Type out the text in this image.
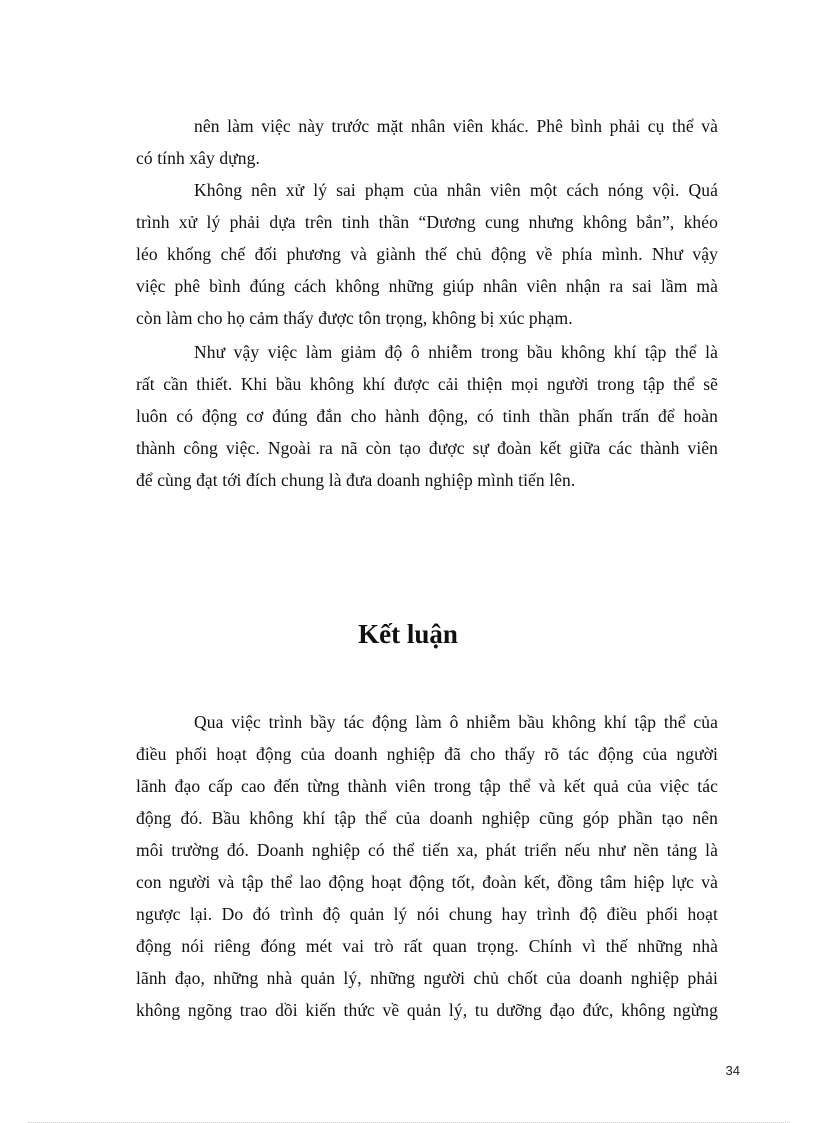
nên làm việc này trước mặt nhân viên khác. Phê bình phải cụ thể và
có tính xây dựng.
Không nên xử lý sai phạm của nhân viên một cách nóng vội. Quá
trình xử lý phải dựa trên tinh thần “Dương cung nhưng không bắn”, khéo
léo khống chế đối phương và giành thế chủ động về phía mình. Như vậy
việc phê bình đúng cách không những giúp nhân viên nhận ra sai lầm mà
còn làm cho họ cảm thấy được tôn trọng, không bị xúc phạm.
Như vậy việc làm giảm độ ô nhiễm trong bầu không khí tập thể là
rất cần thiết. Khi bầu không khí được cải thiện mọi người trong tập thể sẽ
luôn có động cơ đúng đắn cho hành động, có tinh thần phấn trấn để hoàn
thành công việc. Ngoài ra nã còn tạo được sự đoàn kết giữa các thành viên
để cùng đạt tới đích chung là đưa doanh nghiệp mình tiến lên.
Kết luận
Qua việc trình bầy tác động làm ô nhiễm bầu không khí tập thể của
điều phối hoạt động của doanh nghiệp đã cho thấy rõ tác động của người
lãnh đạo cấp cao đến từng thành viên trong tập thể và kết quả của việc tác
động đó. Bầu không khí tập thể của doanh nghiệp cũng góp phần tạo nên
môi trường đó. Doanh nghiệp có thể tiến xa, phát triển nếu như nền tảng là
con người và tập thể lao động hoạt động tốt, đoàn kết, đồng tâm hiệp lực và
ngược lại. Do đó trình độ quản lý nói chung hay trình độ điều phối hoạt
động nói riêng đóng mét vai trò rất quan trọng. Chính vì thế những nhà
lãnh đạo, những nhà quản lý, những người chủ chốt của doanh nghiệp phải
không ngõng trao dồi kiến thức về quản lý, tu dưỡng đạo đức, không ngừng
34
